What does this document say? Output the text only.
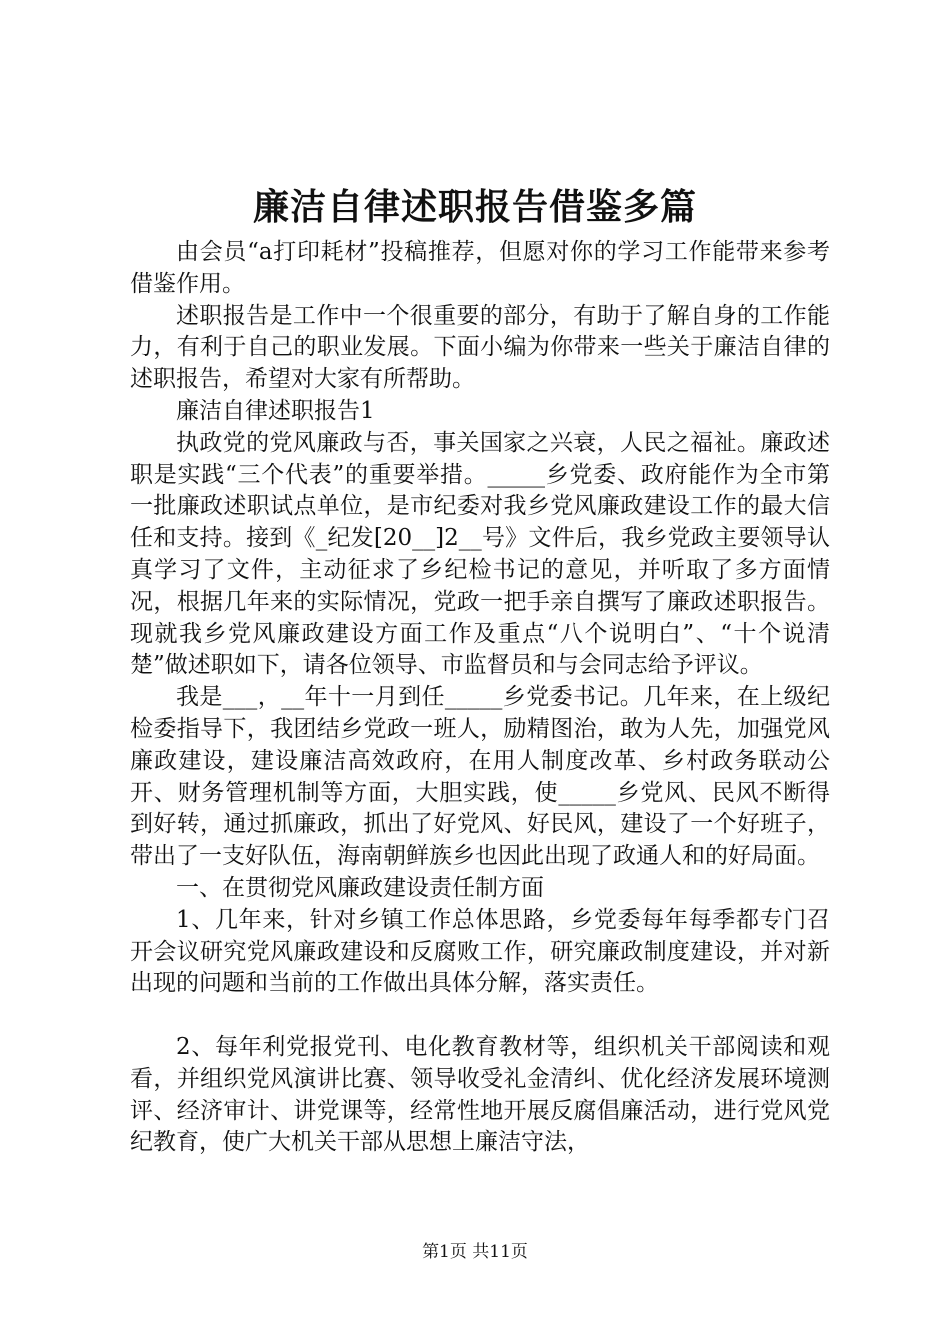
廉洁自律述职报告借鉴多篇

由会员“a打印耗材”投稿推荐，但愿对你的学习工作能带来参考借鉴作用。

述职报告是工作中一个很重要的部分，有助于了解自身的工作能力，有利于自己的职业发展。下面小编为你带来一些关于廉洁自律的述职报告，希望对大家有所帮助。

廉洁自律述职报告1

执政党的党风廉政与否，事关国家之兴衰，人民之福祉。廉政述职是实践“三个代表”的重要举措。_____乡党委、政府能作为全市第一批廉政述职试点单位，是市纪委对我乡党风廉政建设工作的最大信任和支持。接到《_纪发[20__]2__号》文件后，我乡党政主要领导认真学习了文件，主动征求了乡纪检书记的意见，并听取了多方面情况，根据几年来的实际情况，党政一把手亲自撰写了廉政述职报告。现就我乡党风廉政建设方面工作及重点“八个说明白”、“十个说清楚”做述职如下，请各位领导、市监督员和与会同志给予评议。

我是___，__年十一月到任_____乡党委书记。几年来，在上级纪检委指导下，我团结乡党政一班人，励精图治，敢为人先，加强党风廉政建设，建设廉洁高效政府，在用人制度改革、乡村政务联动公开、财务管理机制等方面，大胆实践，使_____乡党风、民风不断得到好转，通过抓廉政，抓出了好党风、好民风，建设了一个好班子，带出了一支好队伍，海南朝鲜族乡也因此出现了政通人和的好局面。

一、在贯彻党风廉政建设责任制方面

1、几年来，针对乡镇工作总体思路，乡党委每年每季都专门召开会议研究党风廉政建设和反腐败工作，研究廉政制度建设，并对新出现的问题和当前的工作做出具体分解，落实责任。

2、每年利党报党刊、电化教育教材等，组织机关干部阅读和观看，并组织党风演讲比赛、领导收受礼金清纠、优化经济发展环境测评、经济审计、讲党课等，经常性地开展反腐倡廉活动，进行党风党纪教育，使广大机关干部从思想上廉洁守法，

第1页 共11页
